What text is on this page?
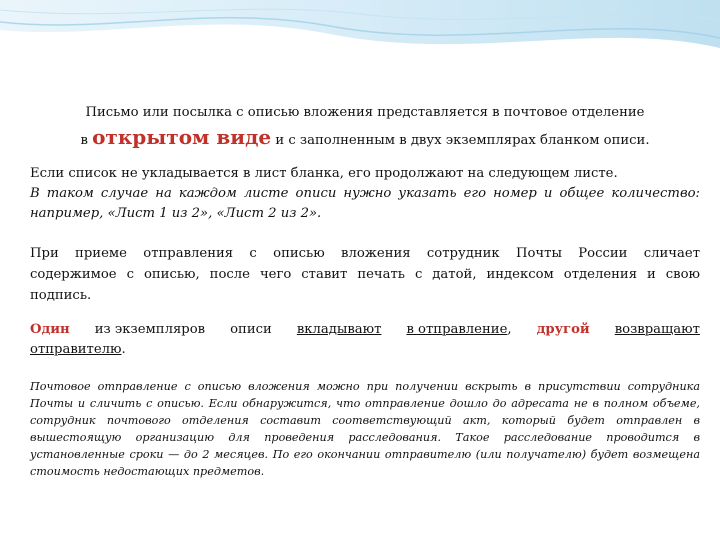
Письмо или посылка с описью вложения представляется в почтовое отделение
в открытом виде и с заполненным в двух экземплярах бланком описи.
Если список не укладывается в лист бланка, его продолжают на следующем листе.
В таком случае на каждом листе описи нужно указать его номер и общее количество: например, «Лист 1 из 2», «Лист 2 из 2».
При приеме отправления с описью вложения сотрудник Почты России сличает содержимое с описью, после чего ставит печать с датой, индексом отделения и свою подпись.
Один из экземпляров описи вкладывают в отправление, другой возвращают
отправителю.
Почтовое отправление с описью вложения можно при получении вскрыть в присутствии сотрудника Почты и сличить с описью. Если обнаружится, что отправление дошло до адресата не в полном объеме, сотрудник почтового отделения составит соответствующий акт, который будет отправлен в вышестоящую организацию для проведения расследования. Такое расследование проводится в установленные сроки — до 2 месяцев. По его окончании отправителю (или получателю) будет возмещена стоимость недостающих предметов.
